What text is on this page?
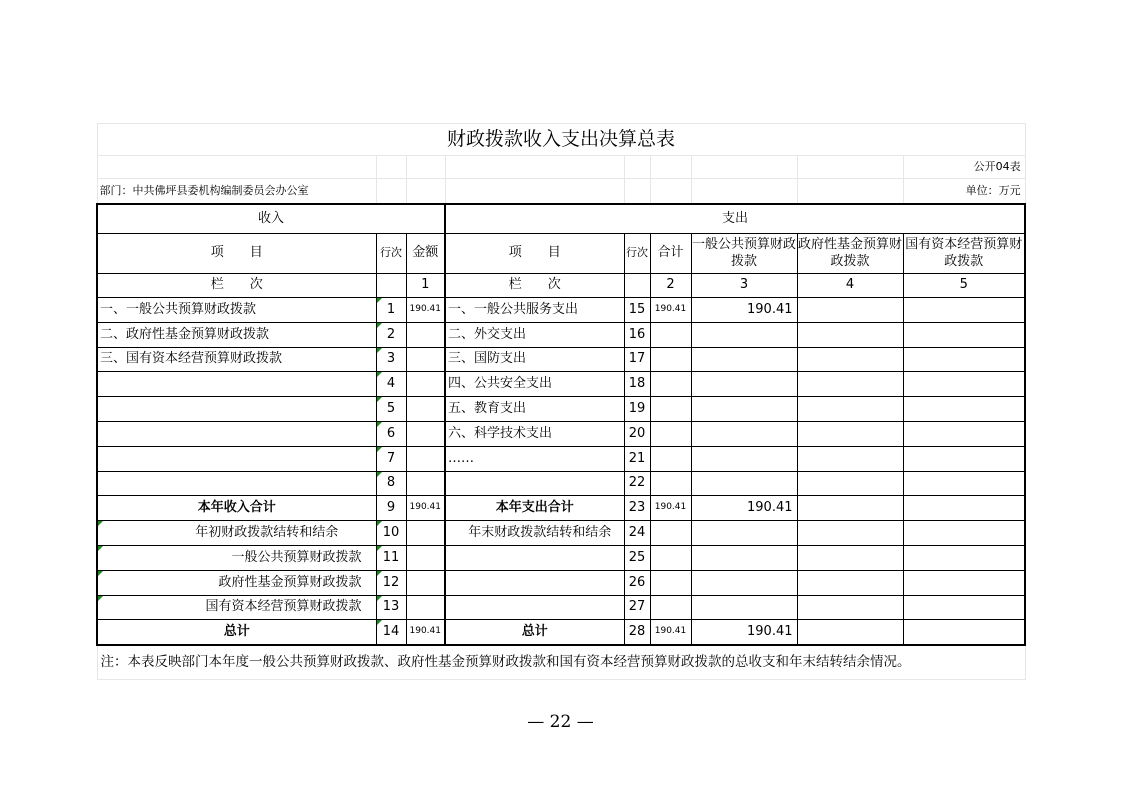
财政拨款收入支出决算总表								
								公开04表
部门：中共佛坪县委机构编制委员会办公室								单位：万元
收入			支出					
项　　目	行次	金额	项　　目	行次	合计	一般公共预算财政拨款	政府性基金预算财政拨款	国有资本经营预算财政拨款
栏　　次		1	栏　　次		2	3	4	5
一、一般公共预算财政拨款	1	190.41	一、一般公共服务支出	15	190.41	190.41		
二、政府性基金预算财政拨款	2		二、外交支出	16				
三、国有资本经营预算财政拨款	3		三、国防支出	17				
	4		四、公共安全支出	18				
	5		五、教育支出	19				
	6		六、科学技术支出	20				
	7		……	21				
	8			22				
本年收入合计	9	190.41	本年支出合计	23	190.41	190.41		
年初财政拨款结转和结余	10		年末财政拨款结转和结余	24				
一般公共预算财政拨款	11			25				
政府性基金预算财政拨款	12			26				
国有资本经营预算财政拨款	13			27				
总计	14	190.41	总计	28	190.41	190.41		
注：本表反映部门本年度一般公共预算财政拨款、政府性基金预算财政拨款和国有资本经营预算财政拨款的总收支和年末结转结余情况。								
— 22 —
